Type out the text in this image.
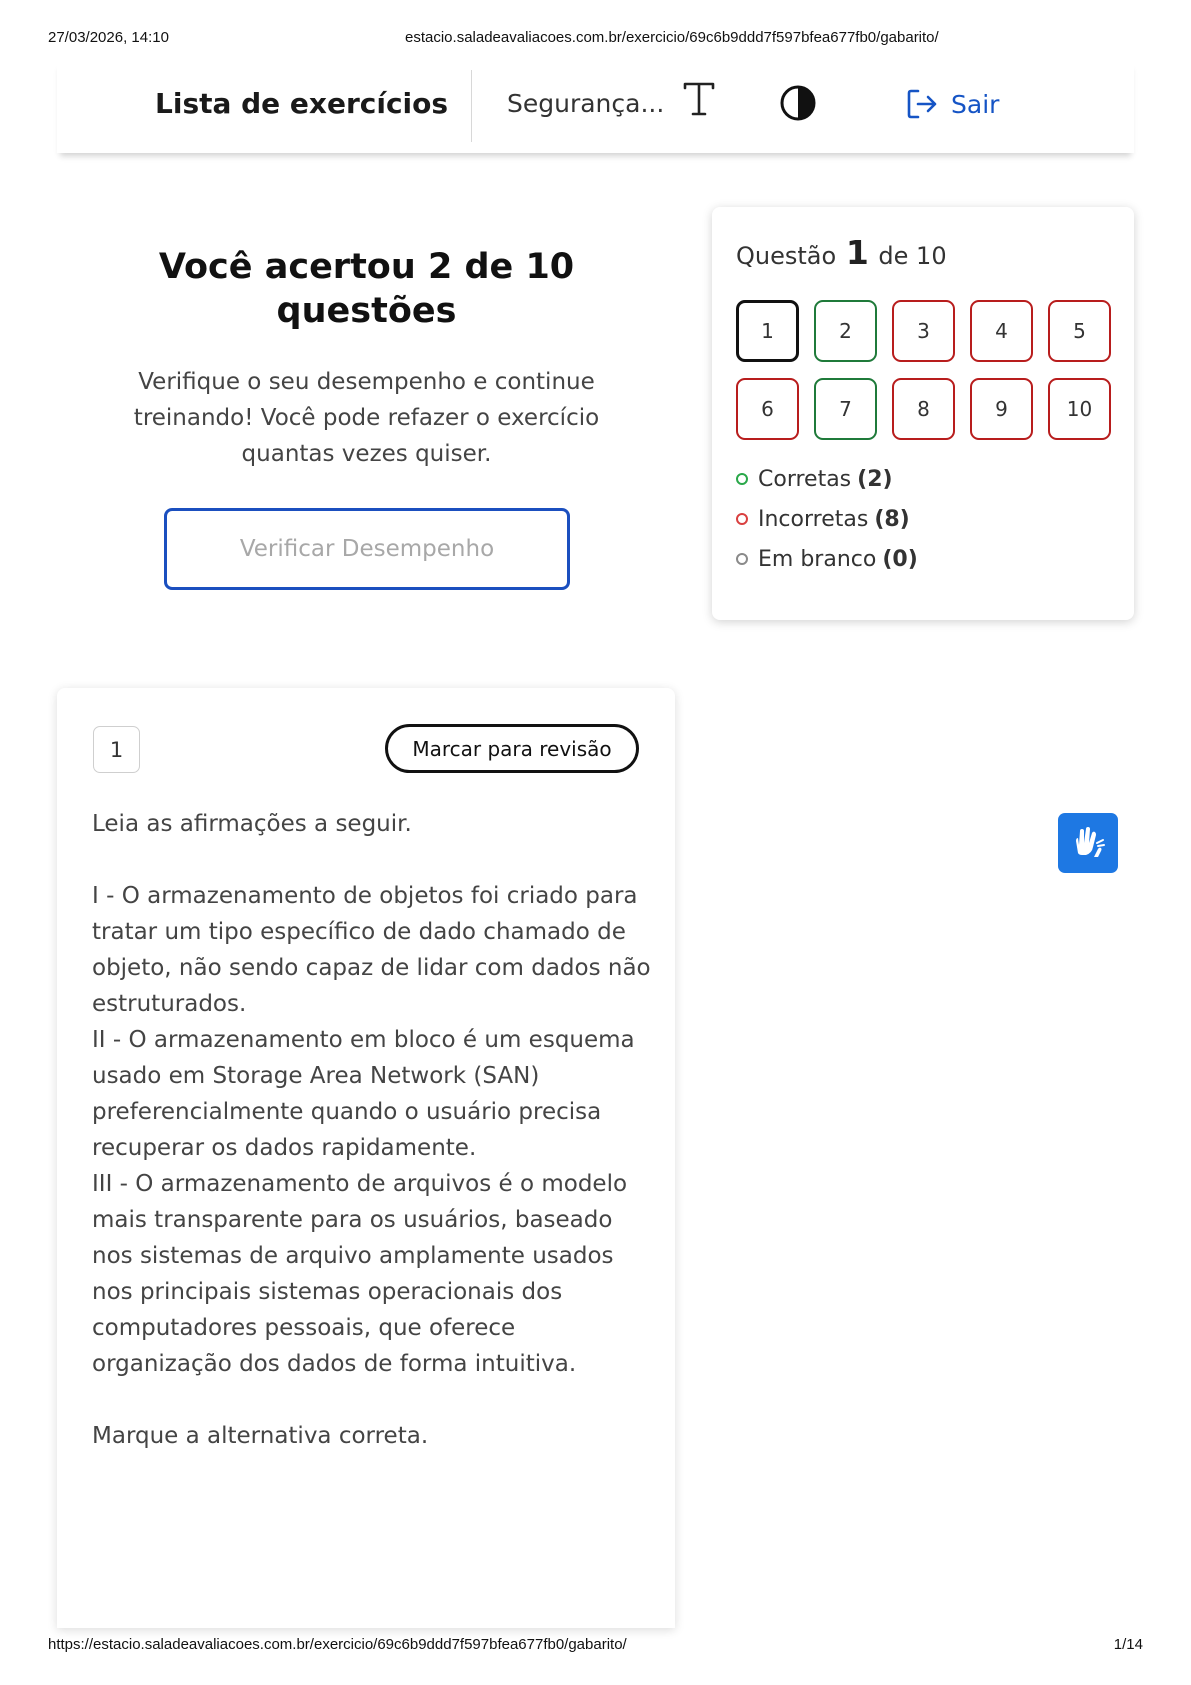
27/03/2026, 14:10	estacio.saladeavaliacoes.com.br/exercicio/69c6b9ddd7f597bfea677fb0/gabarito/
Lista de exercícios Segurança...	Sair
Você acertou 2 de 10 questões
Verifique o seu desempenho e continue treinando! Você pode refazer o exercício quantas vezes quiser.
Verificar Desempenho
Questão 1 de 10
1	2	3	4	5
6	7	8	9	10
Corretas (2)
Incorretas (8)
Em branco (0)
1	Marcar para revisão

Leia as afirmações a seguir.

I - O armazenamento de objetos foi criado para tratar um tipo específico de dado chamado de objeto, não sendo capaz de lidar com dados não estruturados.

II - O armazenamento em bloco é um esquema usado em Storage Area Network (SAN) preferencialmente quando o usuário precisa recuperar os dados rapidamente.

III - O armazenamento de arquivos é o modelo mais transparente para os usuários, baseado nos sistemas de arquivo amplamente usados nos principais sistemas operacionais dos computadores pessoais, que oferece organização dos dados de forma intuitiva.

Marque a alternativa correta.

https://estacio.saladeavaliacoes.com.br/exercicio/69c6b9ddd7f597bfea677fb0/gabarito/	1/14
